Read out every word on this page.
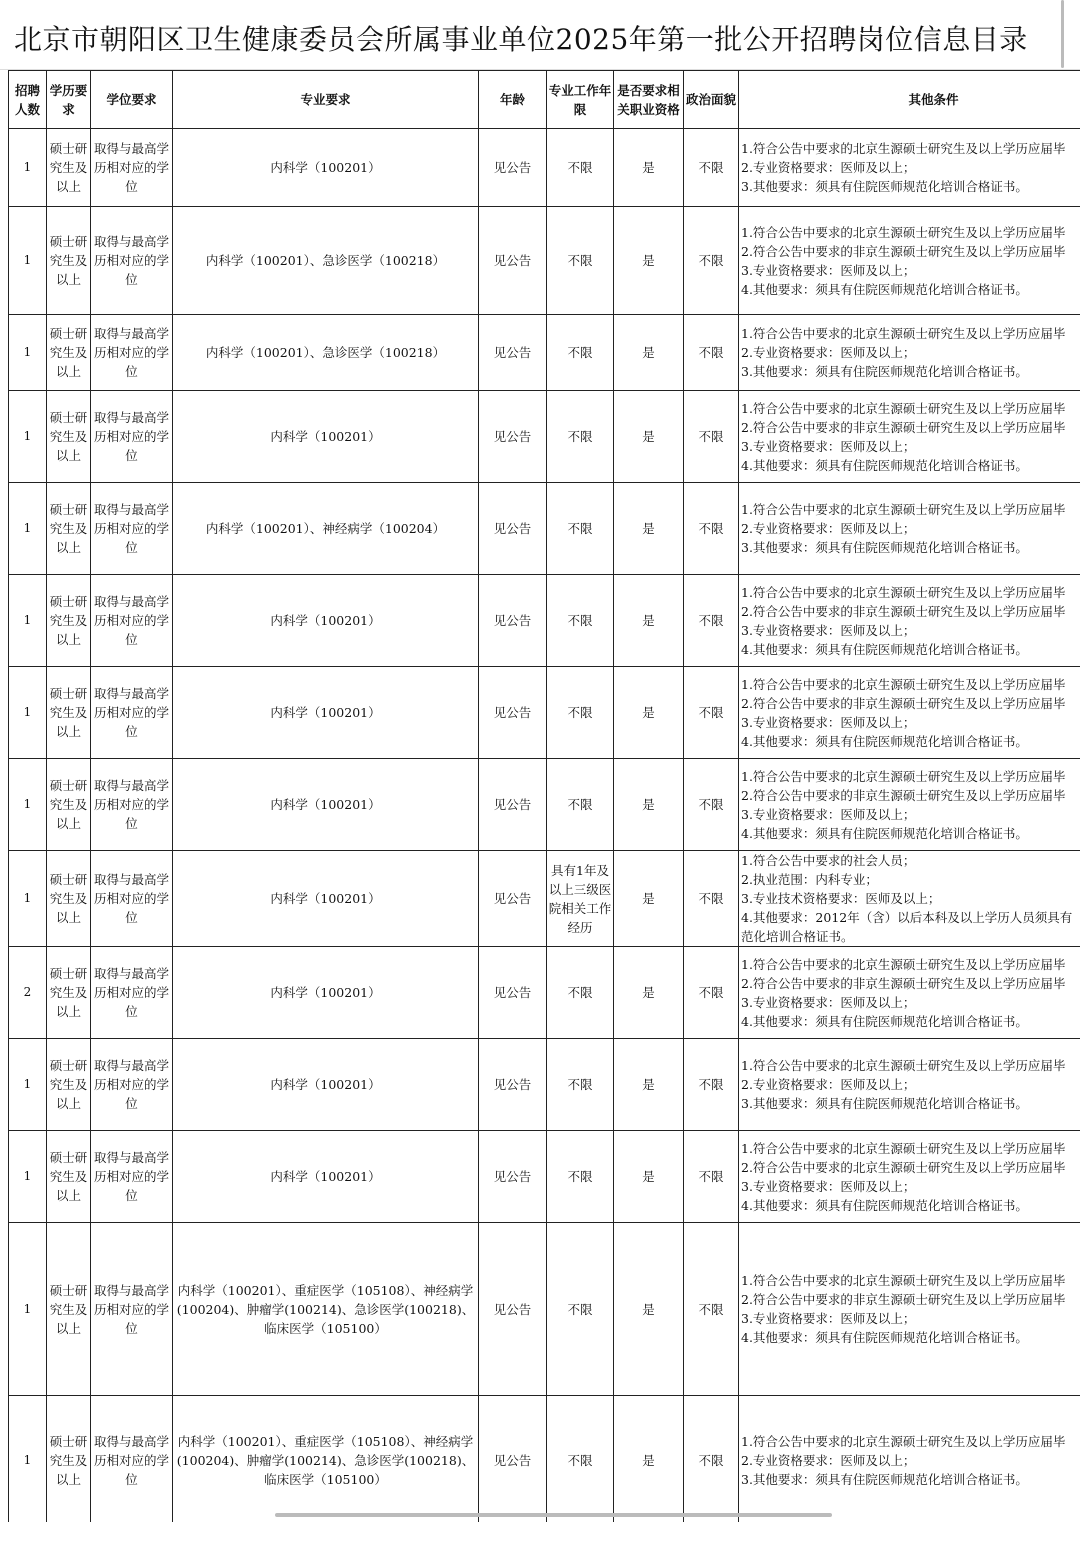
北京市朝阳区卫生健康委员会所属事业单位2025年第一批公开招聘岗位信息目录
招聘人数	学历要求	学位要求	专业要求	年龄	专业工作年限	是否要求相关职业资格	政治面貌	其他条件
1	硕士研究生及以上	取得与最高学历相对应的学位	内科学（100201）	见公告	不限	是	不限	1.符合公告中要求的北京生源硕士研究生及以上学历应届毕
2.专业资格要求：医师及以上；
3.其他要求：须具有住院医师规范化培训合格证书。

1	硕士研究生及以上	取得与最高学历相对应的学位	内科学（100201）、急诊医学（100218）	见公告	不限	是	不限	1.符合公告中要求的北京生源硕士研究生及以上学历应届毕
2.符合公告中要求的非京生源硕士研究生及以上学历应届毕
3.专业资格要求：医师及以上；
4.其他要求：须具有住院医师规范化培训合格证书。

1	硕士研究生及以上	取得与最高学历相对应的学位	内科学（100201）、急诊医学（100218）	见公告	不限	是	不限	1.符合公告中要求的北京生源硕士研究生及以上学历应届毕
2.专业资格要求：医师及以上；
3.其他要求：须具有住院医师规范化培训合格证书。

1	硕士研究生及以上	取得与最高学历相对应的学位	内科学（100201）	见公告	不限	是	不限	1.符合公告中要求的北京生源硕士研究生及以上学历应届毕
2.符合公告中要求的非京生源硕士研究生及以上学历应届毕
3.专业资格要求：医师及以上；
4.其他要求：须具有住院医师规范化培训合格证书。

1	硕士研究生及以上	取得与最高学历相对应的学位	内科学（100201）、神经病学（100204）	见公告	不限	是	不限	1.符合公告中要求的北京生源硕士研究生及以上学历应届毕
2.专业资格要求：医师及以上；
3.其他要求：须具有住院医师规范化培训合格证书。

1	硕士研究生及以上	取得与最高学历相对应的学位	内科学（100201）	见公告	不限	是	不限	1.符合公告中要求的北京生源硕士研究生及以上学历应届毕
2.符合公告中要求的非京生源硕士研究生及以上学历应届毕
3.专业资格要求：医师及以上；
4.其他要求：须具有住院医师规范化培训合格证书。

1	硕士研究生及以上	取得与最高学历相对应的学位	内科学（100201）	见公告	不限	是	不限	1.符合公告中要求的北京生源硕士研究生及以上学历应届毕
2.符合公告中要求的非京生源硕士研究生及以上学历应届毕
3.专业资格要求：医师及以上；
4.其他要求：须具有住院医师规范化培训合格证书。

1	硕士研究生及以上	取得与最高学历相对应的学位	内科学（100201）	见公告	不限	是	不限	1.符合公告中要求的北京生源硕士研究生及以上学历应届毕
2.符合公告中要求的非京生源硕士研究生及以上学历应届毕
3.专业资格要求：医师及以上；
4.其他要求：须具有住院医师规范化培训合格证书。

1	硕士研究生及以上	取得与最高学历相对应的学位	内科学（100201）	见公告	具有1年及以上三级医院相关工作经历	是	不限	1.符合公告中要求的社会人员；
2.执业范围：内科专业；
3.专业技术资格要求：医师及以上；
4.其他要求：2012年（含）以后本科及以上学历人员须具有
范化培训合格证书。

2	硕士研究生及以上	取得与最高学历相对应的学位	内科学（100201）	见公告	不限	是	不限	1.符合公告中要求的北京生源硕士研究生及以上学历应届毕
2.符合公告中要求的非京生源硕士研究生及以上学历应届毕
3.专业资格要求：医师及以上；
4.其他要求：须具有住院医师规范化培训合格证书。

1	硕士研究生及以上	取得与最高学历相对应的学位	内科学（100201）	见公告	不限	是	不限	1.符合公告中要求的北京生源硕士研究生及以上学历应届毕
2.专业资格要求：医师及以上；
3.其他要求：须具有住院医师规范化培训合格证书。

1	硕士研究生及以上	取得与最高学历相对应的学位	内科学（100201）	见公告	不限	是	不限	1.符合公告中要求的北京生源硕士研究生及以上学历应届毕
2.符合公告中要求的北京生源硕士研究生及以上学历应届毕
3.专业资格要求：医师及以上；
4.其他要求：须具有住院医师规范化培训合格证书。

1	硕士研究生及以上	取得与最高学历相对应的学位	内科学（100201）、重症医学（105108）、神经病学(100204)、肿瘤学(100214)、急诊医学(100218)、临床医学（105100）	见公告	不限	是	不限	1.符合公告中要求的北京生源硕士研究生及以上学历应届毕
2.符合公告中要求的非京生源硕士研究生及以上学历应届毕
3.专业资格要求：医师及以上；
4.其他要求：须具有住院医师规范化培训合格证书。

1	硕士研究生及以上	取得与最高学历相对应的学位	内科学（100201）、重症医学（105108）、神经病学(100204)、肿瘤学(100214)、急诊医学(100218)、临床医学（105100）	见公告	不限	是	不限	1.符合公告中要求的北京生源硕士研究生及以上学历应届毕
2.专业资格要求：医师及以上；
3.其他要求：须具有住院医师规范化培训合格证书。
